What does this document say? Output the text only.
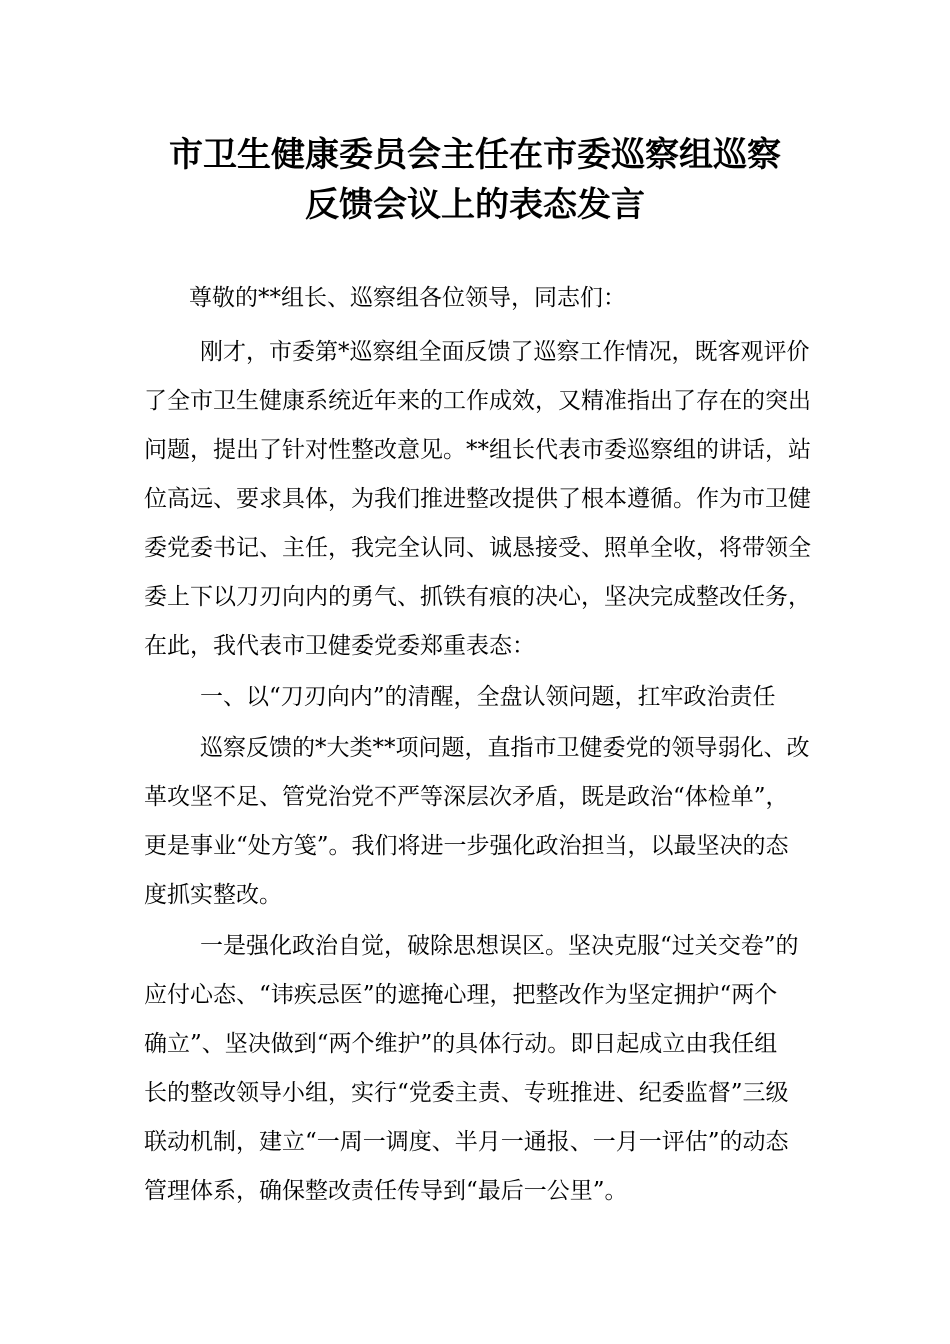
市卫生健康委员会主任在市委巡察组巡察
反馈会议上的表态发言
尊敬的**组长、巡察组各位领导，同志们：
刚才，市委第*巡察组全面反馈了巡察工作情况，既客观评价
了全市卫生健康系统近年来的工作成效，又精准指出了存在的突出
问题，提出了针对性整改意见。**组长代表市委巡察组的讲话，站
位高远、要求具体，为我们推进整改提供了根本遵循。作为市卫健
委党委书记、主任，我完全认同、诚恳接受、照单全收，将带领全
委上下以刀刃向内的勇气、抓铁有痕的决心，坚决完成整改任务，
在此，我代表市卫健委党委郑重表态：
一、以“刀刃向内”的清醒，全盘认领问题，扛牢政治责任
巡察反馈的*大类**项问题，直指市卫健委党的领导弱化、改
革攻坚不足、管党治党不严等深层次矛盾，既是政治“体检单”，
更是事业“处方笺”。我们将进一步强化政治担当，以最坚决的态
度抓实整改。
一是强化政治自觉，破除思想误区。坚决克服“过关交卷”的
应付心态、“讳疾忌医”的遮掩心理，把整改作为坚定拥护“两个
确立”、坚决做到“两个维护”的具体行动。即日起成立由我任组
长的整改领导小组，实行“党委主责、专班推进、纪委监督”三级
联动机制，建立“一周一调度、半月一通报、一月一评估”的动态
管理体系，确保整改责任传导到“最后一公里”。
